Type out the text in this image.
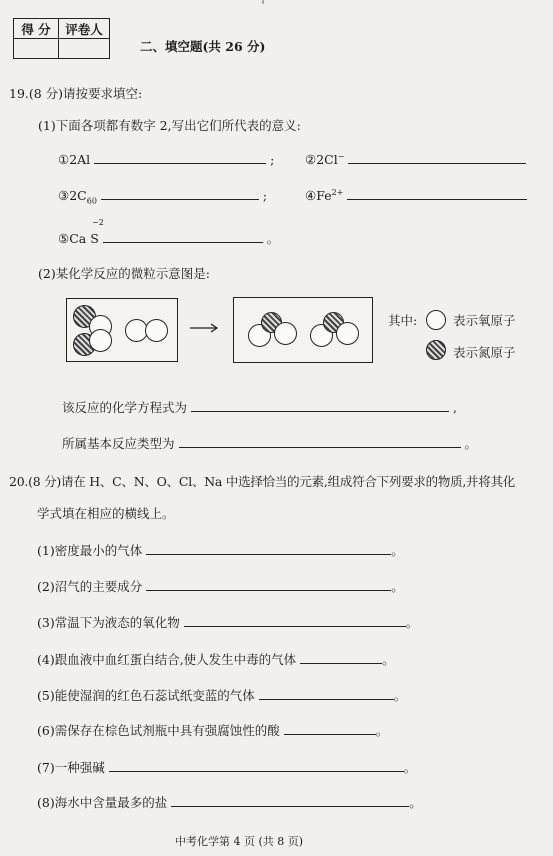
得 分	评卷人

二、填空题(共 26 分)
19.(8 分)请按要求填空:
(1)下面各项都有数字 2,写出它们所代表的意义:
①2Al	; ②2Cl−
$③2C_{60}$	;	$④Fe^{2+}$
−2
⑤Ca S	。
(2)某化学反应的微粒示意图是:
其中:	表示氧原子
表示氮原子
该反应的化学方程式为	,
所属基本反应类型为	。
20.(8 分)请在 H、C、N、O、Cl、Na 中选择恰当的元素,组成符合下列要求的物质,并将其化
学式填在相应的横线上。
(1)密度最小的气体	。
(2)沼气的主要成分	。
(3)常温下为液态的氧化物	。
(4)跟血液中血红蛋白结合,使人发生中毒的气体	。
(5)能使湿润的红色石蕊试纸变蓝的气体	。
(6)需保存在棕色试剂瓶中具有强腐蚀性的酸	。
(7)一种强碱	。
(8)海水中含量最多的盐	。
中考化学第 4 页 (共 8 页)
